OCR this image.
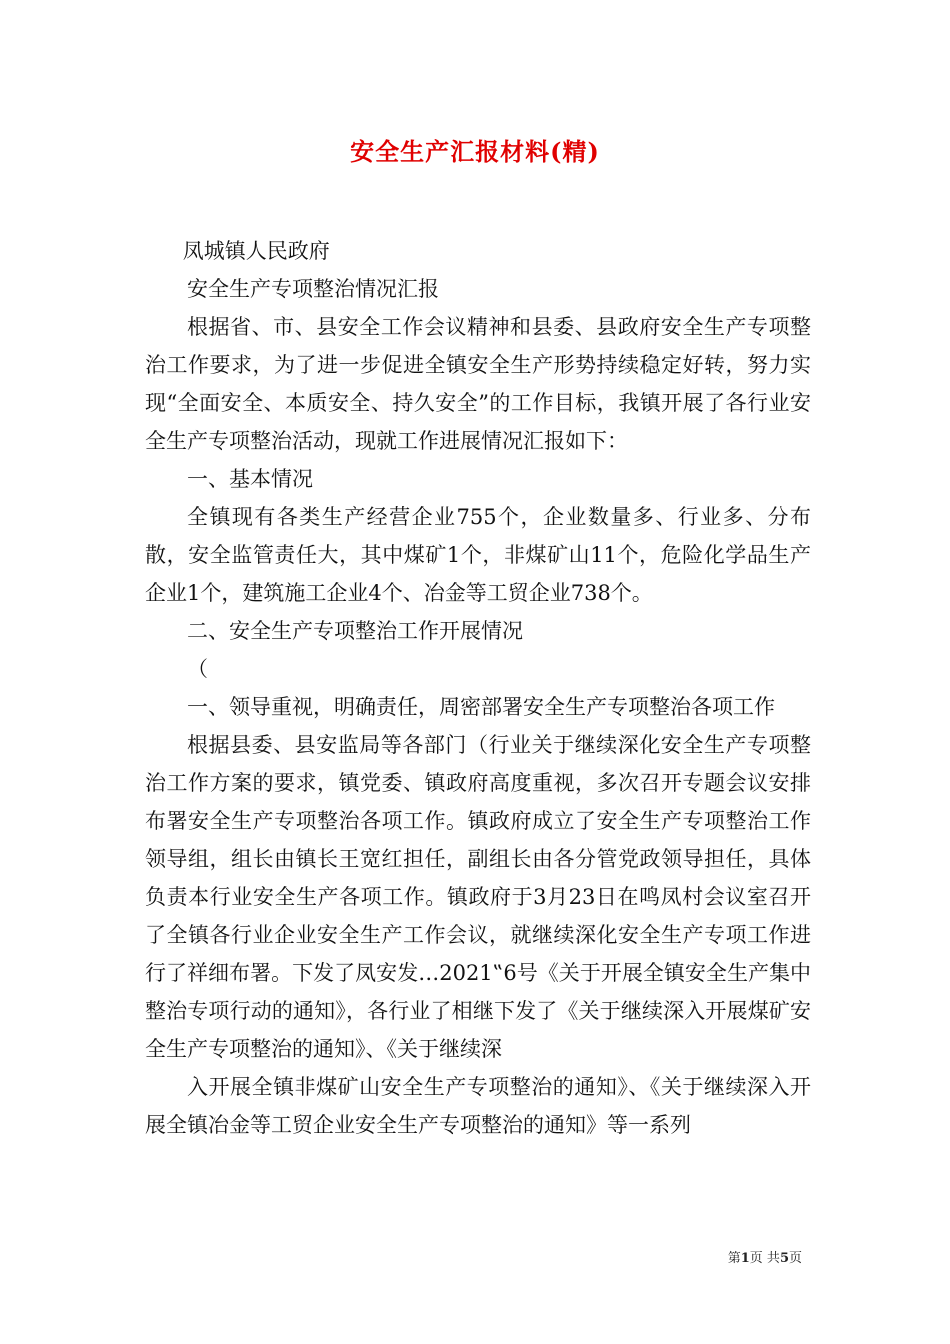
安全生产汇报材料(精)

凤城镇人民政府

安全生产专项整治情况汇报

根据省、市、县安全工作会议精神和县委、县政府安全生产专项整治工作要求，为了进一步促进全镇安全生产形势持续稳定好转，努力实现“全面安全、本质安全、持久安全”的工作目标，我镇开展了各行业安全生产专项整治活动，现就工作进展情况汇报如下：

一、基本情况

全镇现有各类生产经营企业755个，企业数量多、行业多、分布散，安全监管责任大，其中煤矿1个，非煤矿山11个，危险化学品生产企业1个，建筑施工企业4个、冶金等工贸企业738个。

二、安全生产专项整治工作开展情况

（

一、领导重视，明确责任，周密部署安全生产专项整治各项工作

根据县委、县安监局等各部门（行业关于继续深化安全生产专项整治工作方案的要求，镇党委、镇政府高度重视，多次召开专题会议安排布署安全生产专项整治各项工作。镇政府成立了安全生产专项整治工作领导组，组长由镇长王宽红担任，副组长由各分管党政领导担任，具体负责本行业安全生产各项工作。镇政府于3月23日在鸣凤村会议室召开了全镇各行业企业安全生产工作会议，就继续深化安全生产专项工作进行了祥细布署。下发了凤安发…2021‟6号《关于开展全镇安全生产集中整治专项行动的通知》，各行业了相继下发了《关于继续深入开展煤矿安全生产专项整治的通知》、《关于继续深

入开展全镇非煤矿山安全生产专项整治的通知》、《关于继续深入开展全镇冶金等工贸企业安全生产专项整治的通知》等一系列

第1页 共5页
